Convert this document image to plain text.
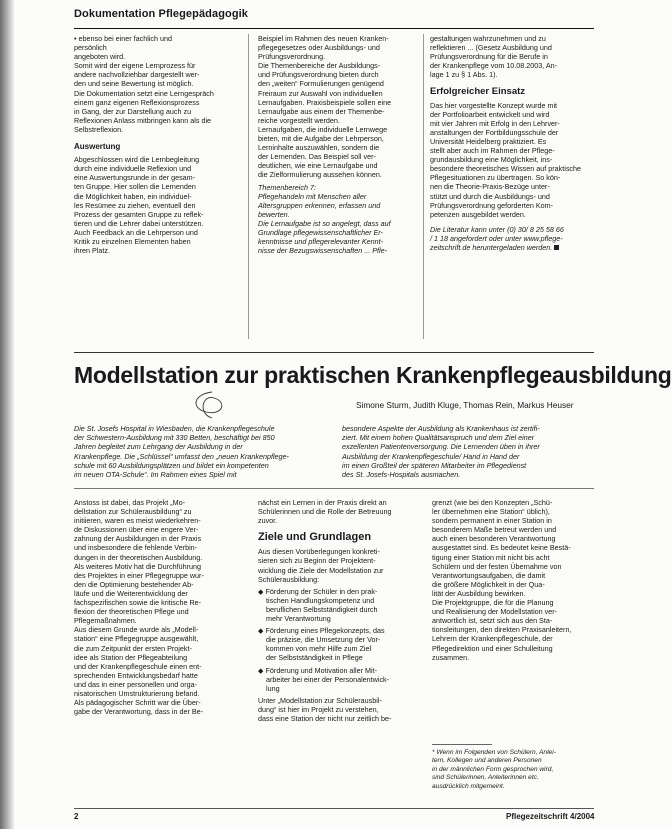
Dokumentation Pflegepädagogik

• ebenso bei einer fachlich und
persönlich
angeboten wird.
Somit wird der eigene Lernprozess für
andere nachvollziehbar dargestellt wer-
den und seine Bewertung ist möglich.
Die Dokumentation setzt eine Lerngespräch
einem ganz eigenen Reflexionsprozess
in Gang, der zur Darstellung auch zu
Reflexionen Anlass mitbringen kann als die
Selbstreflexion.

Auswertung

Abgeschlossen wird die Lernbegleitung
durch eine individuelle Reflexion und
eine Auswertungsrunde in der gesam-
ten Gruppe. Hier sollen die Lernenden
die Möglichkeit haben, ein individuel-
les Resümee zu ziehen, eventuell den
Prozess der gesamten Gruppe zu reflek-
tieren und die Lehrer dabei unterstützen.
Auch Feedback an die Lehrperson und
Kritik zu einzelnen Elementen haben
ihren Platz.

Beispiel im Rahmen des neuen Kranken-
pflegegesetzes oder Ausbildungs- und
Prüfungsverordnung.
Die Themenbereiche der Ausbildungs-
und Prüfungsverordnung bieten durch
den „weiten“ Formulierungen genügend
Freiraum zur Auswahl von individuellen
Lernaufgaben. Praxisbeispiele sollen eine
Lernaufgabe aus einem der Themenbe-
reiche vorgestellt werden.
Lernaufgaben, die individuelle Lernwege
bieten, mit die Aufgabe der Lehrperson,
Lerninhalte auszuwählen, sondern die
der Lernenden. Das Beispiel soll ver-
deutlichen, wie eine Lernaufgabe und
die Zielformulierung aussehen können.

Themenbereich 7:
Pflegehandeln mit Menschen aller
Altersgruppen erkennen, erfassen und
bewerten.
Die Lernaufgabe ist so angelegt, dass auf
Grundlage pflegewissenschaftlicher Er-
kenntnisse und pflegerelevanter Kennt-
nisse der Bezugswissenschaften ... Pfle-

gestaltungen wahrzunehmen und zu
reflektieren ... (Gesetz Ausbildung und
Prüfungsverordnung für die Berufe in
der Krankenpflege vom 10.08.2003, An-
lage 1 zu § 1 Abs. 1).

Erfolgreicher Einsatz

Das hier vorgestellte Konzept wurde mit
der Portfolioarbeit entwickelt und wird
mit vier Jahren mit Erfolg in den Lehrver-
anstaltungen der Fortbildungsschule der
Universität Heidelberg praktiziert. Es
stellt aber auch im Rahmen der Pflege-
grundausbildung eine Möglichkeit, ins-
besondere theoretisches Wissen auf praktische
Pflegesituationen zu übertragen. So kön-
nen die Theorie-Praxis-Bezüge unter-
stützt und durch die Ausbildungs- und
Prüfungsverordnung geforderten Kom-
petenzen ausgebildet werden.

Die Literatur kann unter (0) 30/ 8 25 58 66
/ 1 18 angefordert oder unter www.pflege-
zeitschrift.de heruntergeladen werden.

Modellstation zur praktischen Krankenpflegeausbildung
Simone Sturm, Judith Kluge, Thomas Rein, Markus Heuser
Die St. Josefs Hospital in Wiesbaden, die Krankenpflegeschule
der Schwestern-Ausbildung mit 330 Betten, beschäftigt bei 850
Jahren begleitet zum Lehrgang der Ausbildung in der
Krankenpflege. Die „Schlüssel“ umfasst den „neuen Krankenpflege-
schule mit 60 Ausbildungsplätzen und bildet ein kompetenten
im neuen OTA-Schule“. Im Rahmen eines Spiel mit
besondere Aspekte der Ausbildung als Krankenhaus ist zertifi-
ziert. Mit einem hohen Qualitätsanspruch und dem Ziel einer
exzellenten Patientenversorgung. Die Lernenden üben in ihrer
Ausbildung der Krankenpflegeschule/ Hand in Hand der
im einen Großteil der späteren Mitarbeiter im Pflegedienst
des St. Josefs-Hospitals ausmachen.

Anstoss ist dabei, das Projekt „Mo-
dellstation zur Schülerausbildung“ zu
initiieren, waren es meist wiederkehren-
de Diskussionen über eine engere Ver-
zahnung der Ausbildungen in der Praxis
und insbesondere die fehlende Verbin-
dungen in der theoretischen Ausbildung.
Als weiteres Motiv hat die Durchführung
des Projektes in einer Pflegegruppe wur-
den die Optimierung bestehender Ab-
läufe und die Weiterentwicklung der
fachspezifischen sowie die kritische Re-
flexion der theoretischen Pflege und
Pflegemaßnahmen.
Aus diesem Grunde wurde als „Modell-
station“ eine Pflegegruppe ausgewählt,
die zum Zeitpunkt der ersten Projekt-
idee als Station der Pflegeabteilung
und der Krankenpflegeschule einen ent-
sprechenden Entwicklungsbedarf hatte
und das in einer personellen und orga-
nisatorischen Umstrukturierung befand.
Als pädagogischer Schritt war die Über-
gabe der Verantwortung, dass in der Be-

nächst ein Lernen in der Praxis direkt an
Schülerinnen und die Rolle der Betreuung
zuvor.

Ziele und Grundlagen

Aus diesen Vorüberlegungen konkreti-
sieren sich zu Beginn der Projektent-
wicklung die Ziele der Modellstation zur
Schülerausbildung:

◆ Förderung der Schüler in den prak-
tischen Handlungskompetenz und
beruflichen Selbstständigkeit durch
mehr Verantwortung

◆ Förderung eines Pflegekonzepts, das
die präzise, die Umsetzung der Vor-
kommen von mehr Hilfe zum Ziel
der Selbstständigkeit in Pflege

◆ Förderung und Motivation aller Mit-
arbeiter bei einer der Personalentwick-
lung

Unter „Modellstation zur Schülerausbil-
dung“ ist hier im Projekt zu verstehen,
dass eine Station der nicht nur zeitlich be-

grenzt (wie bei den Konzepten „Schü-
ler übernehmen eine Station“ üblich),
sondern permanent in einer Station in
besonderem Maße betreut werden und
auch einen besonderen Verantwortung
ausgestattet sind. Es bedeutet keine Bestä-
tigung einer Station mit nicht bis acht
Schülern und der festen Übernahme von
Verantwortungsaufgaben, die damit
die größere Möglichkeit in der Qua-
lität der Ausbildung bewirken.
Die Projektgruppe, die für die Planung
und Realisierung der Modellstation ver-
antwortlich ist, setzt sich aus den Sta-
tionsleitungen, den direkten Praxisanleitern,
Lehrern der Krankenpflegeschule, der
Pflegedirektion und einer Schulleitung
zusammen.

* Wenn im Folgenden von Schülern, Anlei-
tern, Kollegen und anderen Personen
in der männlichen Form gesprochen wird,
sind Schülerinnen, Anleiterinnen etc.
ausdrücklich mitgemeint.
2	Pflegezeitschrift 4/2004
